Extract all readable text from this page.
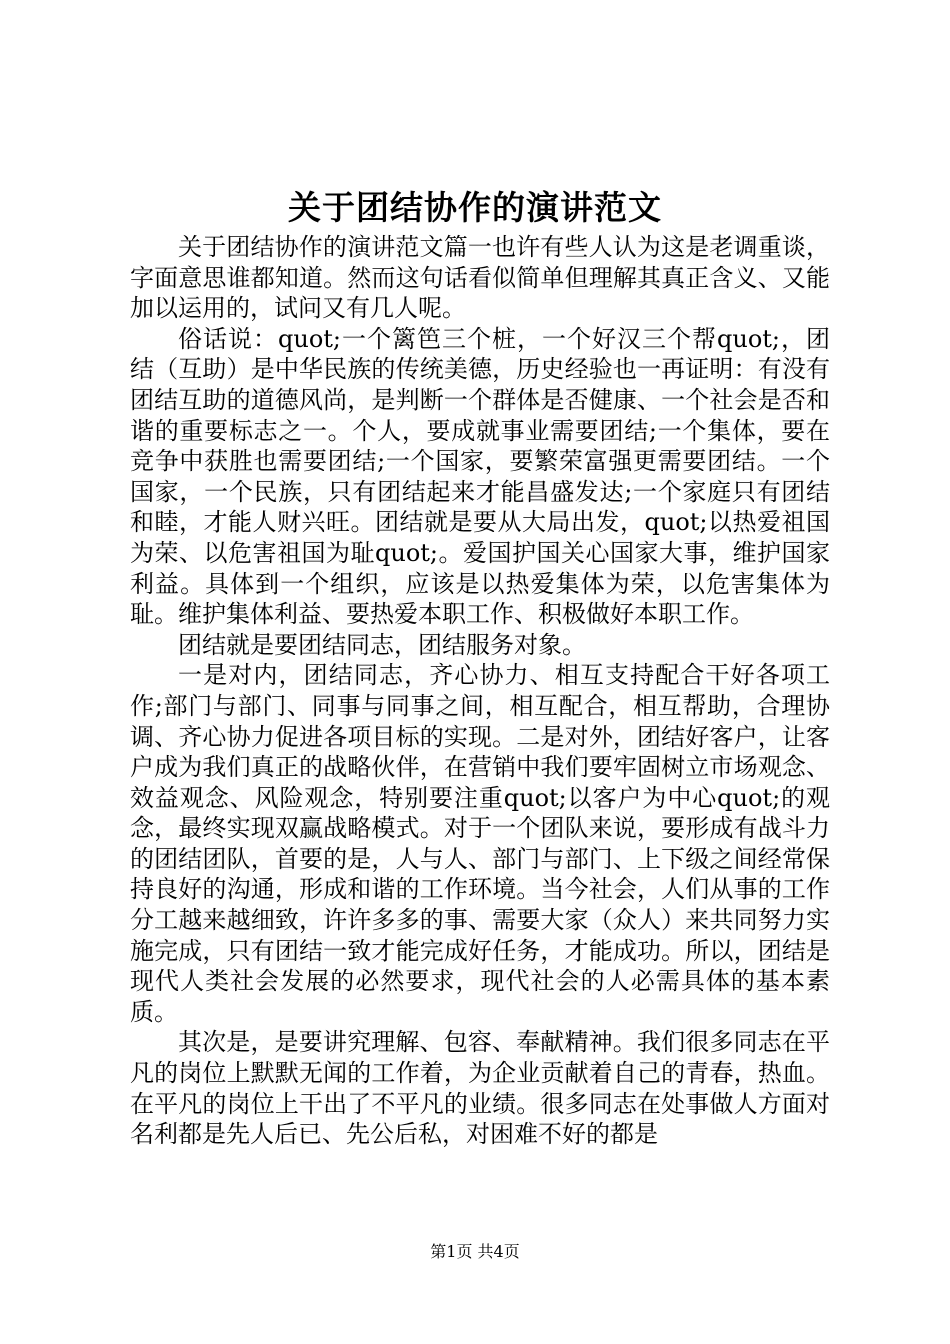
关于团结协作的演讲范文

关于团结协作的演讲范文篇一也许有些人认为这是老调重谈，字面意思谁都知道。然而这句话看似简单但理解其真正含义、又能加以运用的，试问又有几人呢。

俗话说：quot;一个篱笆三个桩，一个好汉三个帮quot;，团结（互助）是中华民族的传统美德，历史经验也一再证明：有没有团结互助的道德风尚，是判断一个群体是否健康、一个社会是否和谐的重要标志之一。个人，要成就事业需要团结;一个集体，要在竞争中获胜也需要团结;一个国家，要繁荣富强更需要团结。一个国家，一个民族，只有团结起来才能昌盛发达;一个家庭只有团结和睦，才能人财兴旺。团结就是要从大局出发，quot;以热爱祖国为荣、以危害祖国为耻quot;。爱国护国关心国家大事，维护国家利益。具体到一个组织，应该是以热爱集体为荣，以危害集体为耻。维护集体利益、要热爱本职工作、积极做好本职工作。

团结就是要团结同志，团结服务对象。

一是对内，团结同志，齐心协力、相互支持配合干好各项工作;部门与部门、同事与同事之间，相互配合，相互帮助，合理协调、齐心协力促进各项目标的实现。二是对外，团结好客户，让客户成为我们真正的战略伙伴，在营销中我们要牢固树立市场观念、效益观念、风险观念，特别要注重quot;以客户为中心quot;的观念，最终实现双赢战略模式。对于一个团队来说，要形成有战斗力的团结团队，首要的是，人与人、部门与部门、上下级之间经常保持良好的沟通，形成和谐的工作环境。当今社会，人们从事的工作分工越来越细致，许许多多的事、需要大家（众人）来共同努力实施完成，只有团结一致才能完成好任务，才能成功。所以，团结是现代人类社会发展的必然要求，现代社会的人必需具体的基本素质。

其次是，是要讲究理解、包容、奉献精神。我们很多同志在平凡的岗位上默默无闻的工作着，为企业贡献着自己的青春，热血。在平凡的岗位上干出了不平凡的业绩。很多同志在处事做人方面对名利都是先人后已、先公后私，对困难不好的都是

第1页 共4页
